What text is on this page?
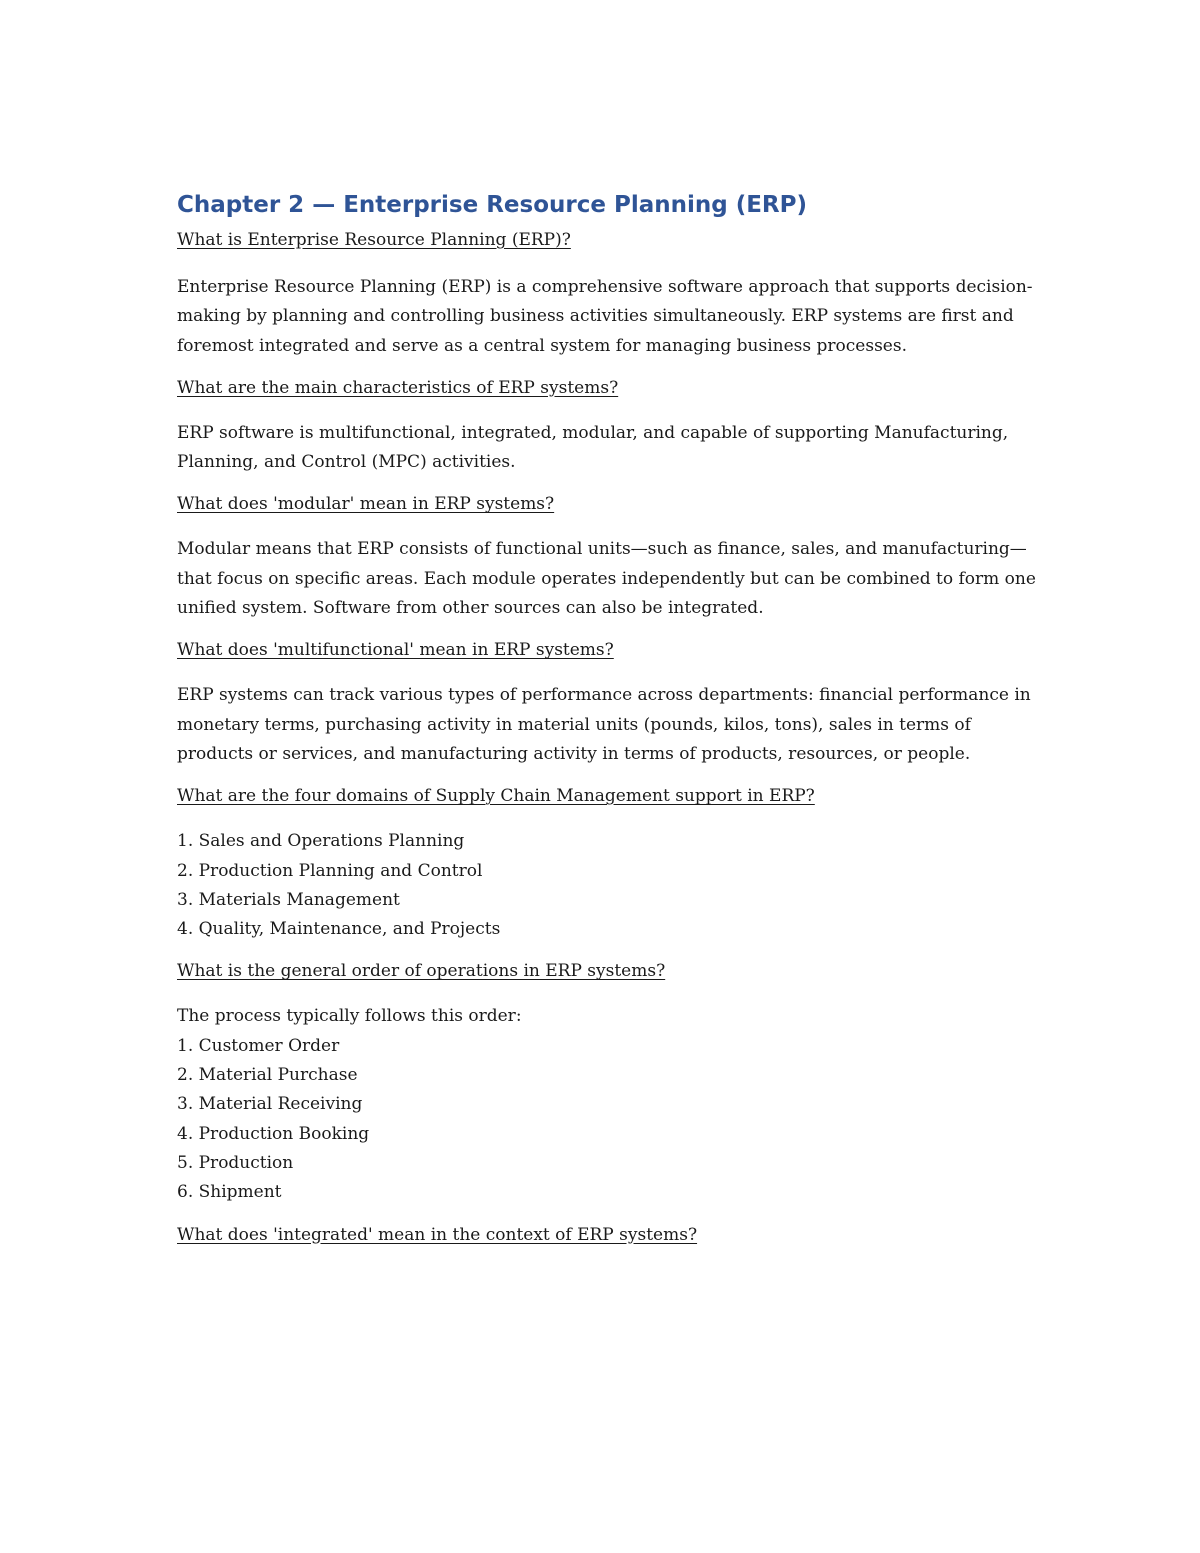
Chapter 2 — Enterprise Resource Planning (ERP)

What is Enterprise Resource Planning (ERP)?

Enterprise Resource Planning (ERP) is a comprehensive software approach that supports decision-making by planning and controlling business activities simultaneously. ERP systems are first and foremost integrated and serve as a central system for managing business processes.

What are the main characteristics of ERP systems?

ERP software is multifunctional, integrated, modular, and capable of supporting Manufacturing, Planning, and Control (MPC) activities.

What does 'modular' mean in ERP systems?

Modular means that ERP consists of functional units—such as finance, sales, and manufacturing—that focus on specific areas. Each module operates independently but can be combined to form one unified system. Software from other sources can also be integrated.

What does 'multifunctional' mean in ERP systems?

ERP systems can track various types of performance across departments: financial performance in monetary terms, purchasing activity in material units (pounds, kilos, tons), sales in terms of products or services, and manufacturing activity in terms of products, resources, or people.

What are the four domains of Supply Chain Management support in ERP?

1. Sales and Operations Planning
2. Production Planning and Control
3. Materials Management
4. Quality, Maintenance, and Projects

What is the general order of operations in ERP systems?

The process typically follows this order:

1. Customer Order
2. Material Purchase
3. Material Receiving
4. Production Booking
5. Production
6. Shipment

What does 'integrated' mean in the context of ERP systems?
